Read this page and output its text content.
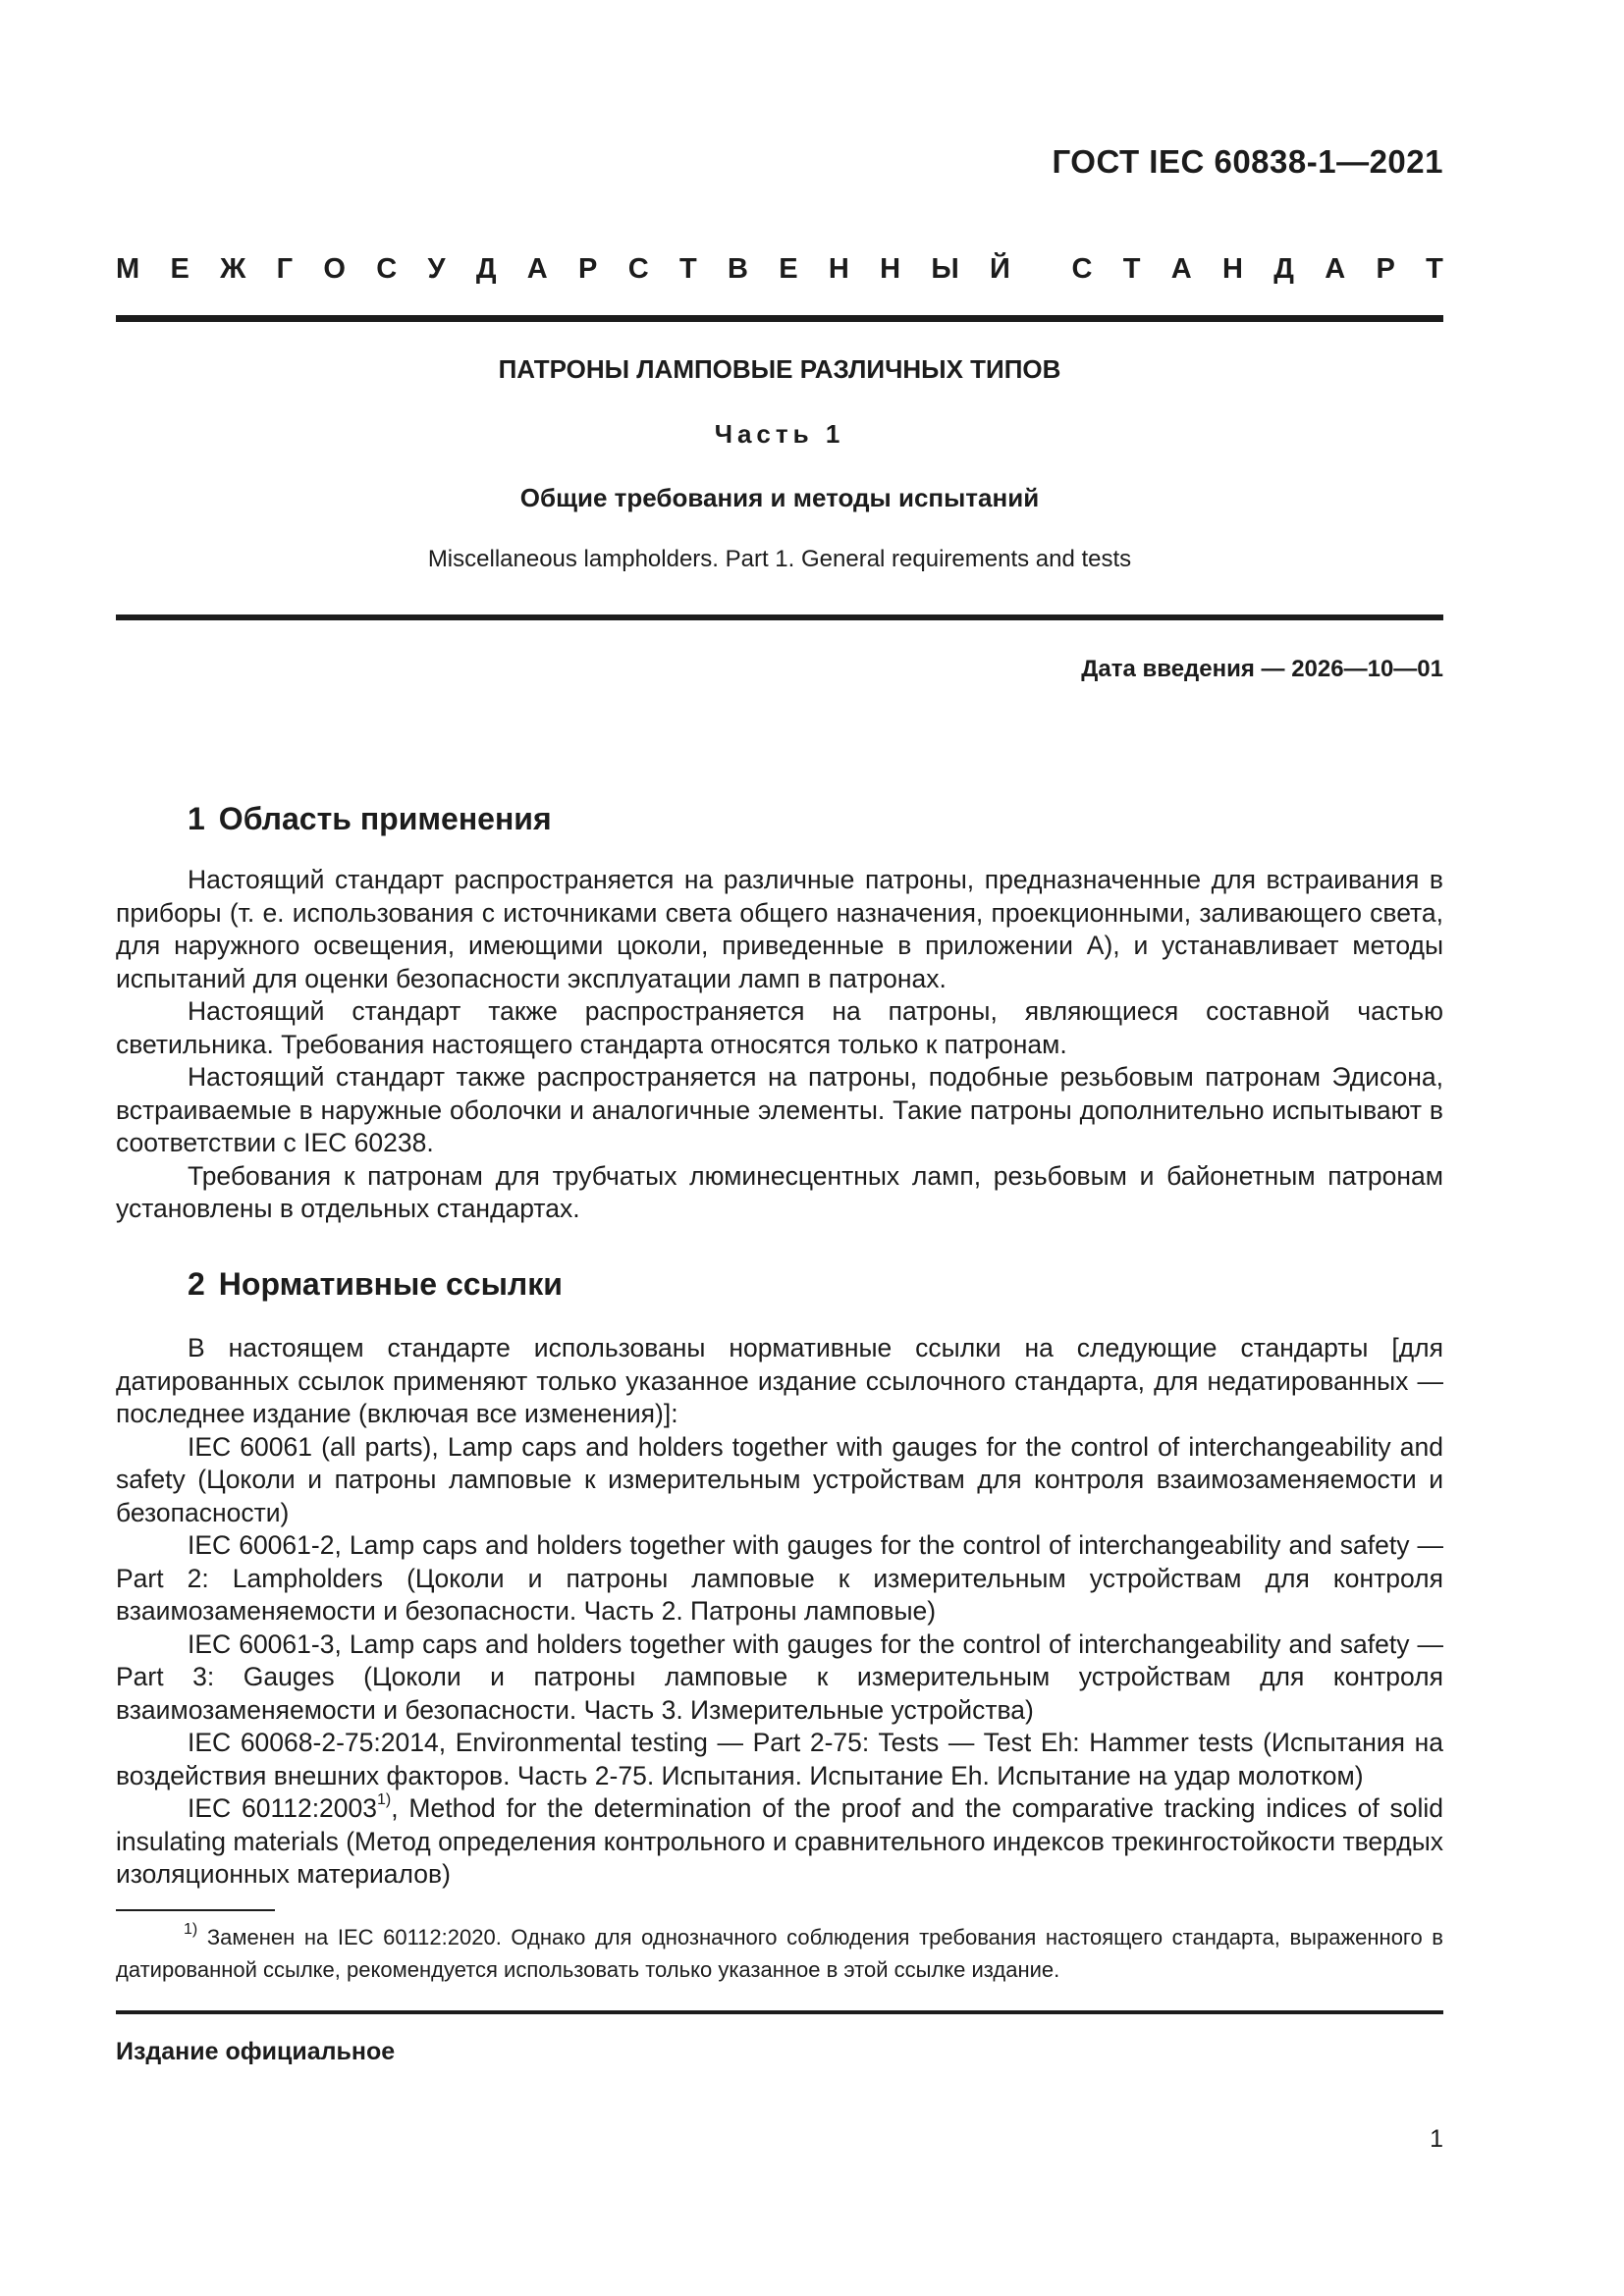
ГОСТ IEC 60838-1—2021
М Е Ж Г О С У Д А Р С Т В Е Н Н Ы Й С Т А Н Д А Р Т
ПАТРОНЫ ЛАМПОВЫЕ РАЗЛИЧНЫХ ТИПОВ
Часть 1
Общие требования и методы испытаний
Miscellaneous lampholders. Part 1. General requirements and tests
Дата введения — 2026—10—01
1 Область применения

Настоящий стандарт распространяется на различные патроны, предназначенные для встраивания в приборы (т. е. использования с источниками света общего назначения, проекционными, заливающего света, для наружного освещения, имеющими цоколи, приведенные в приложении А), и устанавливает методы испытаний для оценки безопасности эксплуатации ламп в патронах.

Настоящий стандарт также распространяется на патроны, являющиеся составной частью светильника. Требования настоящего стандарта относятся только к патронам.

Настоящий стандарт также распространяется на патроны, подобные резьбовым патронам Эдисона, встраиваемые в наружные оболочки и аналогичные элементы. Такие патроны дополнительно испытывают в соответствии с IEC 60238.

Требования к патронам для трубчатых люминесцентных ламп, резьбовым и байонетным патронам установлены в отдельных стандартах.

2 Нормативные ссылки

В настоящем стандарте использованы нормативные ссылки на следующие стандарты [для датированных ссылок применяют только указанное издание ссылочного стандарта, для недатированных — последнее издание (включая все изменения)]:

IEC 60061 (all parts), Lamp caps and holders together with gauges for the control of interchangeability and safety (Цоколи и патроны ламповые к измерительным устройствам для контроля взаимозаменяемости и безопасности)

IEC 60061-2, Lamp caps and holders together with gauges for the control of interchangeability and safety — Part 2: Lampholders (Цоколи и патроны ламповые к измерительным устройствам для контроля взаимозаменяемости и безопасности. Часть 2. Патроны ламповые)

IEC 60061-3, Lamp caps and holders together with gauges for the control of interchangeability and safety — Part 3: Gauges (Цоколи и патроны ламповые к измерительным устройствам для контроля взаимозаменяемости и безопасности. Часть 3. Измерительные устройства)

IEC 60068-2-75:2014, Environmental testing — Part 2-75: Tests — Test Eh: Hammer tests (Испытания на воздействия внешних факторов. Часть 2-75. Испытания. Испытание Eh. Испытание на удар молотком)

IEC 60112:2003$^{1)}$, Method for the determination of the proof and the comparative tracking indices of solid insulating materials (Метод определения контрольного и сравнительного индексов трекингостойкости твердых изоляционных материалов)

$^{1)}$ Заменен на IEC 60112:2020. Однако для однозначного соблюдения требования настоящего стандарта, выраженного в датированной ссылке, рекомендуется использовать только указанное в этой ссылке издание.

Издание официальное
1
